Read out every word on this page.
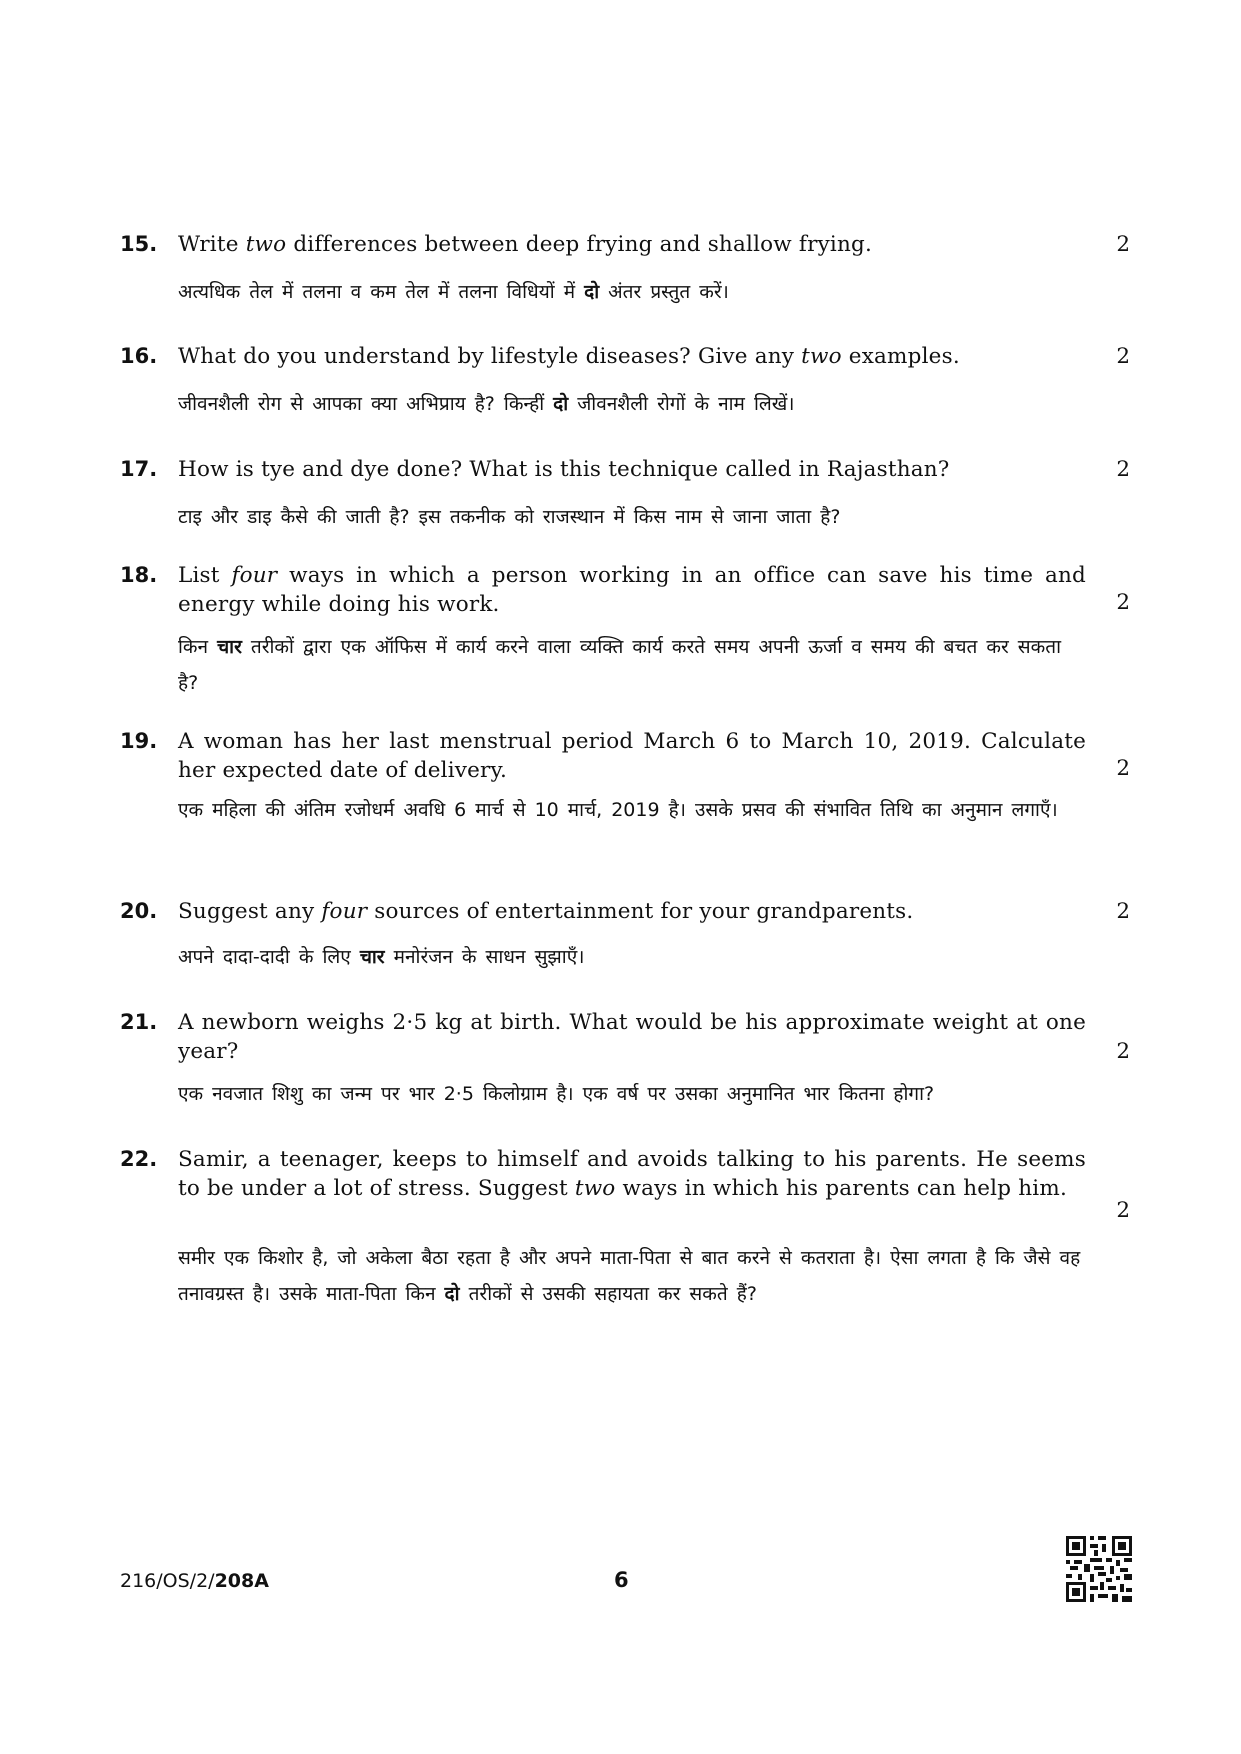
15. Write two differences between deep frying and shallow frying.
अत्यधिक तेल में तलना व कम तेल में तलना विधियों में दो अंतर प्रस्तुत करें।
2
16. What do you understand by lifestyle diseases? Give any two examples.
जीवनशैली रोग से आपका क्या अभिप्राय है? किन्हीं दो जीवनशैली रोगों के नाम लिखें।
2
17. How is tye and dye done? What is this technique called in Rajasthan?
टाइ और डाइ कैसे की जाती है? इस तकनीक को राजस्थान में किस नाम से जाना जाता है?
2
18. List four ways in which a person working in an office can save his time and energy while doing his work.
किन चार तरीकों द्वारा एक ऑफिस में कार्य करने वाला व्यक्ति कार्य करते समय अपनी ऊर्जा व समय की बचत कर सकता है?
2
19. A woman has her last menstrual period March 6 to March 10, 2019. Calculate her expected date of delivery.
एक महिला की अंतिम रजोधर्म अवधि 6 मार्च से 10 मार्च, 2019 है। उसके प्रसव की संभावित तिथि का अनुमान लगाएँ।
2
20. Suggest any four sources of entertainment for your grandparents.
अपने दादा-दादी के लिए चार मनोरंजन के साधन सुझाएँ।
2
21. A newborn weighs 2·5 kg at birth. What would be his approximate weight at one year?
एक नवजात शिशु का जन्म पर भार 2·5 किलोग्राम है। एक वर्ष पर उसका अनुमानित भार कितना होगा?
2
22. Samir, a teenager, keeps to himself and avoids talking to his parents. He seems to be under a lot of stress. Suggest two ways in which his parents can help him.
समीर एक किशोर है, जो अकेला बैठा रहता है और अपने माता-पिता से बात करने से कतराता है। ऐसा लगता है कि जैसे वह तनावग्रस्त है। उसके माता-पिता किन दो तरीकों से उसकी सहायता कर सकते हैं?
2
216/OS/2/208A	6
